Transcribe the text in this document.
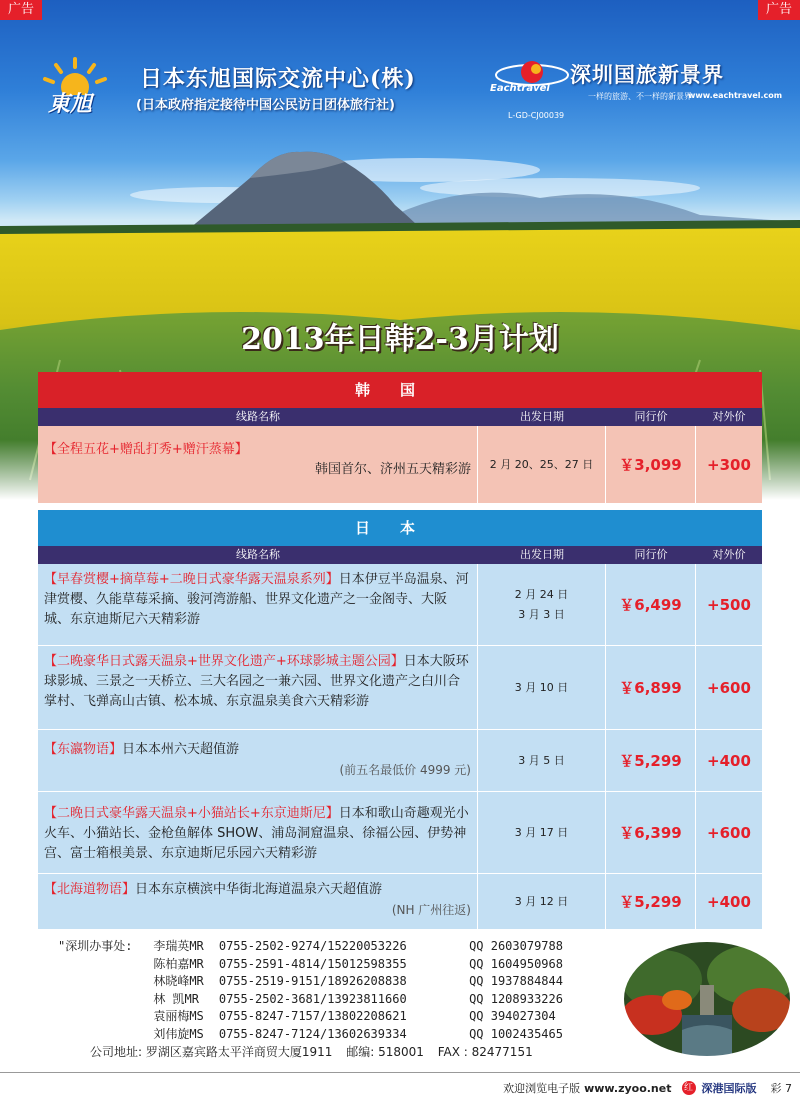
广告	广告
東旭
日本东旭国际交流中心(株)
(日本政府指定接待中国公民访日团体旅行社)
深圳国旅新景界
Eachtravel
一样的旅游、不一样的新景界
www.eachtravel.com
L-GD-CJ00039
2013年日韩2-3月计划
韩国
线路名称	出发日期	同行价	对外价
【全程五花+赠乱打秀+赠汗蒸幕】
韩国首尔、济州五天精彩游 2 月 20、25、27 日	￥3,099	+300
日本
线路名称	出发日期	同行价	对外价
【早春赏樱+摘草莓+二晚日式豪华露天温泉系列】日本伊豆半岛温泉、河津赏樱、久能草莓采摘、骏河湾游船、世界文化遗产之一金阁寺、大阪城、东京迪斯尼六天精彩游
2 月 24 日
3 月 3 日	￥6,499	+500
【二晚豪华日式露天温泉+世界文化遗产+环球影城主题公园】日本大阪环球影城、三景之一天桥立、三大名园之一兼六园、世界文化遗产之白川合掌村、飞弹高山古镇、松本城、东京温泉美食六天精彩游
3 月 10 日	￥6,899	+600
【东瀛物语】日本本州六天超值游
(前五名最低价 4999 元)
3 月 5 日	￥5,299	+400
【二晚日式豪华露天温泉+小猫站长+东京迪斯尼】日本和歌山奇趣观光小火车、小猫站长、金枪鱼解体 SHOW、浦岛洞窟温泉、徐福公园、伊势神宫、富士箱根美景、东京迪斯尼乐园六天精彩游
3 月 17 日	￥6,399	+600
【北海道物语】日本东京横滨中华街北海道温泉六天超值游
(NH 广州往返)
3 月 12 日	￥5,299	+400
"深圳办事处:	李瑞英MR	0755-2502-9274/15220053226	QQ 2603079788
陈柏嘉MR	0755-2591-4814/15012598355	QQ 1604950968
林晓峰MR	0755-2519-9151/18926208838	QQ 1937884844
林 凯MR	0755-2502-3681/13923811660	QQ 1208933226
袁丽梅MS	0755-8247-7157/13802208621	QQ 394027304
刘伟旋MS	0755-8247-7124/13602639334	QQ 1002435465
公司地址: 罗湖区嘉宾路太平洋商贸大厦1911 邮编: 518001 FAX : 82477151
欢迎浏览电子版 www.zyoo.net 红 深港国际版 彩 7
